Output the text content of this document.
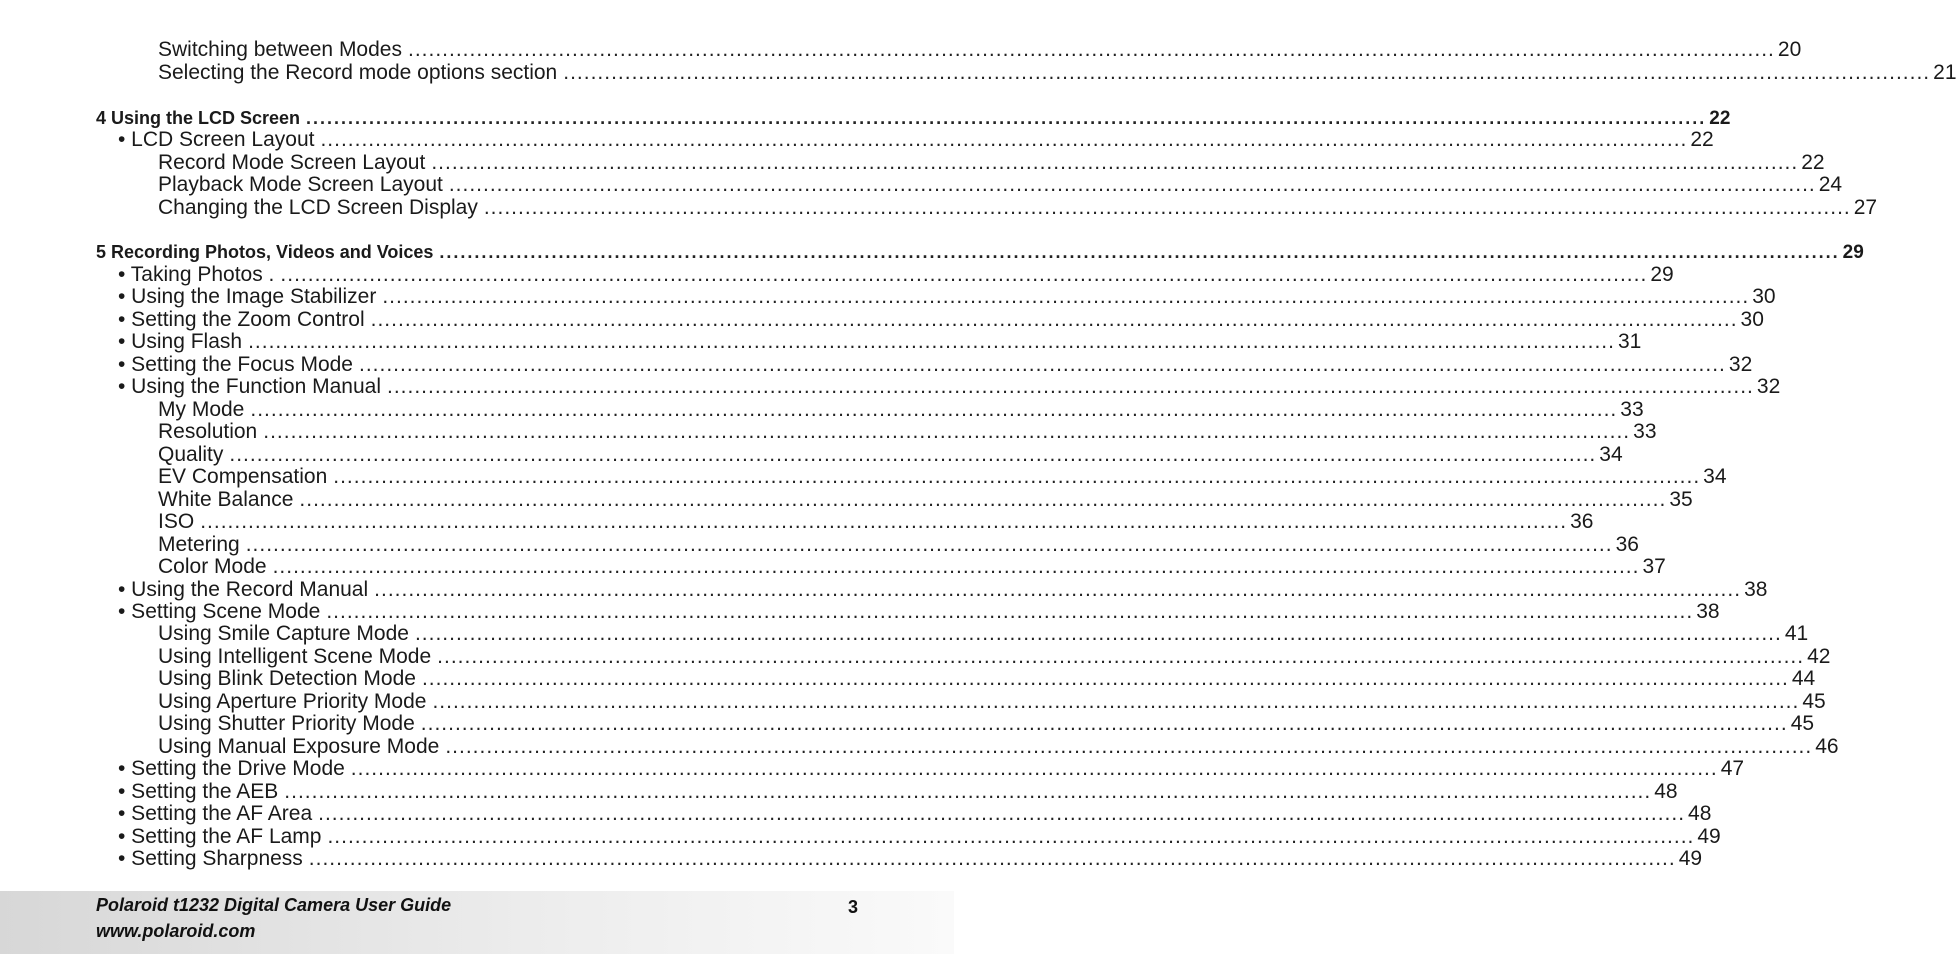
Switching between Modes ........................................................................................................................................................................................................ 20
Selecting the Record mode options section ........................................................................................................................................................................................................ 21
4 Using the LCD Screen ........................................................................................................................................................................................................ 22
• LCD Screen Layout ........................................................................................................................................................................................................ 22
Record Mode Screen Layout ........................................................................................................................................................................................................ 22
Playback Mode Screen Layout ........................................................................................................................................................................................................ 24
Changing the LCD Screen Display ........................................................................................................................................................................................................ 27
5 Recording Photos, Videos and Voices ........................................................................................................................................................................................................ 29
• Taking Photos . ........................................................................................................................................................................................................ 29
• Using the Image Stabilizer ........................................................................................................................................................................................................ 30
• Setting the Zoom Control ........................................................................................................................................................................................................ 30
• Using Flash ........................................................................................................................................................................................................ 31
• Setting the Focus Mode ........................................................................................................................................................................................................ 32
• Using the Function Manual ........................................................................................................................................................................................................ 32
My Mode ........................................................................................................................................................................................................ 33
Resolution ........................................................................................................................................................................................................ 33
Quality ........................................................................................................................................................................................................ 34
EV Compensation ........................................................................................................................................................................................................ 34
White Balance ........................................................................................................................................................................................................ 35
ISO ........................................................................................................................................................................................................ 36
Metering ........................................................................................................................................................................................................ 36
Color Mode ........................................................................................................................................................................................................ 37
• Using the Record Manual ........................................................................................................................................................................................................ 38
• Setting Scene Mode ........................................................................................................................................................................................................ 38
Using Smile Capture Mode ........................................................................................................................................................................................................ 41
Using Intelligent Scene Mode ........................................................................................................................................................................................................ 42
Using Blink Detection Mode ........................................................................................................................................................................................................ 44
Using Aperture Priority Mode ........................................................................................................................................................................................................ 45
Using Shutter Priority Mode ........................................................................................................................................................................................................ 45
Using Manual Exposure Mode ........................................................................................................................................................................................................ 46
• Setting the Drive Mode ........................................................................................................................................................................................................ 47
• Setting the AEB ........................................................................................................................................................................................................ 48
• Setting the AF Area ........................................................................................................................................................................................................ 48
• Setting the AF Lamp ........................................................................................................................................................................................................ 49
• Setting Sharpness ........................................................................................................................................................................................................ 49
Polaroid t1232 Digital Camera User Guide
www.polaroid.com
3
